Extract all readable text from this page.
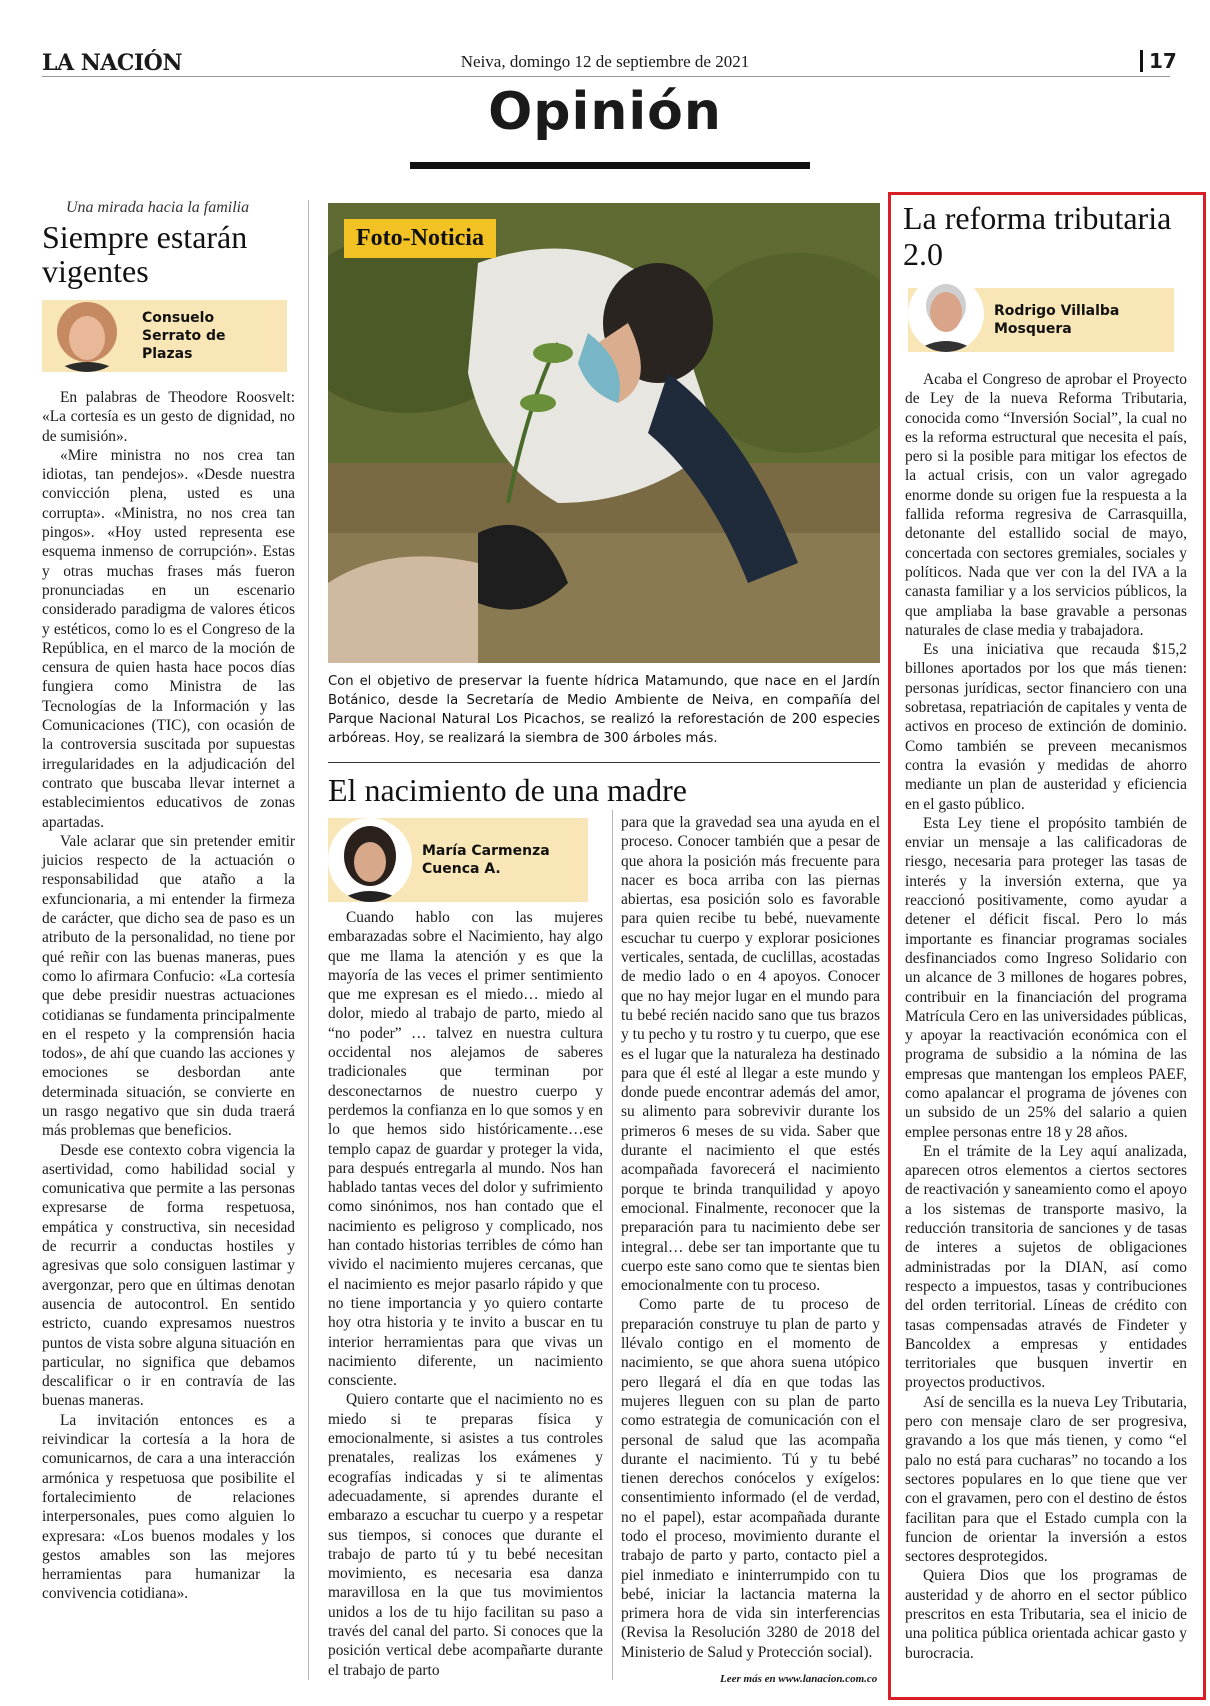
LA NACIÓN	Neiva, domingo 12 de septiembre de 2021	17
Opinión
Una mirada hacia la familia
Siempre estarán vigentes
Consuelo Serrato de Plazas

En palabras de Theodore Roosvelt: «La cortesía es un gesto de dignidad, no de sumisión».

«Mire ministra no nos crea tan idiotas, tan pendejos». «Desde nuestra convicción plena, usted es una corrupta». «Ministra, no nos crea tan pingos». «Hoy usted representa ese esquema inmenso de corrupción». Estas y otras muchas frases más fueron pronunciadas en un escenario considerado paradigma de valores éticos y estéticos, como lo es el Congreso de la República, en el marco de la moción de censura de quien hasta hace pocos días fungiera como Ministra de las Tecnologías de la Información y las Comunicaciones (TIC), con ocasión de la controversia suscitada por supuestas irregularidades en la adjudicación del contrato que buscaba llevar internet a establecimientos educativos de zonas apartadas.

Vale aclarar que sin pretender emitir juicios respecto de la actuación o responsabilidad que ataño a la exfuncionaria, a mi entender la firmeza de carácter, que dicho sea de paso es un atributo de la personalidad, no tiene por qué reñir con las buenas maneras, pues como lo afirmara Confucio: «La cortesía que debe presidir nuestras actuaciones cotidianas se fundamenta principalmente en el respeto y la comprensión hacia todos», de ahí que cuando las acciones y emociones se desbordan ante determinada situación, se convierte en un rasgo negativo que sin duda traerá más problemas que beneficios.

Desde ese contexto cobra vigencia la asertividad, como habilidad social y comunicativa que permite a las personas expresarse de forma respetuosa, empática y constructiva, sin necesidad de recurrir a conductas hostiles y agresivas que solo consiguen lastimar y avergonzar, pero que en últimas denotan ausencia de autocontrol. En sentido estricto, cuando expresamos nuestros puntos de vista sobre alguna situación en particular, no significa que debamos descalificar o ir en contravía de las buenas maneras.

La invitación entonces es a reivindicar la cortesía a la hora de comunicarnos, de cara a una interacción armónica y respetuosa que posibilite el fortalecimiento de relaciones interpersonales, pues como alguien lo expresara: «Los buenos modales y los gestos amables son las mejores herramientas para humanizar la convivencia cotidiana».

Foto-Noticia
Con el objetivo de preservar la fuente hídrica Matamundo, que nace en el Jardín Botánico, desde la Secretaría de Medio Ambiente de Neiva, en compañía del Parque Nacional Natural Los Picachos, se realizó la reforestación de 200 especies arbóreas. Hoy, se realizará la siembra de 300 árboles más.
El nacimiento de una madre
María Carmenza Cuenca A.

Cuando hablo con las mujeres embarazadas sobre el Nacimiento, hay algo que me llama la atención y es que la mayoría de las veces el primer sentimiento que me expresan es el miedo… miedo al dolor, miedo al trabajo de parto, miedo al “no poder” … talvez en nuestra cultura occidental nos alejamos de saberes tradicionales que terminan por desconectarnos de nuestro cuerpo y perdemos la confianza en lo que somos y en lo que hemos sido históricamente…ese templo capaz de guardar y proteger la vida, para después entregarla al mundo. Nos han hablado tantas veces del dolor y sufrimiento como sinónimos, nos han contado que el nacimiento es peligroso y complicado, nos han contado historias terribles de cómo han vivido el nacimiento mujeres cercanas, que el nacimiento es mejor pasarlo rápido y que no tiene importancia y yo quiero contarte hoy otra historia y te invito a buscar en tu interior herramientas para que vivas un nacimiento diferente, un nacimiento consciente.

Quiero contarte que el nacimiento no es miedo si te preparas física y emocionalmente, si asistes a tus controles prenatales, realizas los exámenes y ecografías indicadas y si te alimentas adecuadamente, si aprendes durante el embarazo a escuchar tu cuerpo y a respetar sus tiempos, si conoces que durante el trabajo de parto tú y tu bebé necesitan movimiento, es necesaria esa danza maravillosa en la que tus movimientos unidos a los de tu hijo facilitan su paso a través del canal del parto. Si conoces que la posición vertical debe acompañarte durante el trabajo de parto

para que la gravedad sea una ayuda en el proceso. Conocer también que a pesar de que ahora la posición más frecuente para nacer es boca arriba con las piernas abiertas, esa posición solo es favorable para quien recibe tu bebé, nuevamente escuchar tu cuerpo y explorar posiciones verticales, sentada, de cuclillas, acostadas de medio lado o en 4 apoyos. Conocer que no hay mejor lugar en el mundo para tu bebé recién nacido sano que tus brazos y tu pecho y tu rostro y tu cuerpo, que ese es el lugar que la naturaleza ha destinado para que él esté al llegar a este mundo y donde puede encontrar además del amor, su alimento para sobrevivir durante los primeros 6 meses de su vida. Saber que durante el nacimiento el que estés acompañada favorecerá el nacimiento porque te brinda tranquilidad y apoyo emocional. Finalmente, reconocer que la preparación para tu nacimiento debe ser integral… debe ser tan importante que tu cuerpo este sano como que te sientas bien emocionalmente con tu proceso.

Como parte de tu proceso de preparación construye tu plan de parto y llévalo contigo en el momento de nacimiento, se que ahora suena utópico pero llegará el día en que todas las mujeres lleguen con su plan de parto como estrategia de comunicación con el personal de salud que las acompaña durante el nacimiento. Tú y tu bebé tienen derechos conócelos y exígelos: consentimiento informado (el de verdad, no el papel), estar acompañada durante todo el proceso, movimiento durante el trabajo de parto y parto, contacto piel a piel inmediato e ininterrumpido con tu bebé, iniciar la lactancia materna la primera hora de vida sin interferencias (Revisa la Resolución 3280 de 2018 del Ministerio de Salud y Protección social).

Leer más en www.lanacion.com.co
La reforma tributaria 2.0
Rodrigo Villalba Mosquera

Acaba el Congreso de aprobar el Proyecto de Ley de la nueva Reforma Tributaria, conocida como “Inversión Social”, la cual no es la reforma estructural que necesita el país, pero si la posible para mitigar los efectos de la actual crisis, con un valor agregado enorme donde su origen fue la respuesta a la fallida reforma regresiva de Carrasquilla, detonante del estallido social de mayo, concertada con sectores gremiales, sociales y políticos. Nada que ver con la del IVA a la canasta familiar y a los servicios públicos, la que ampliaba la base gravable a personas naturales de clase media y trabajadora.

Es una iniciativa que recauda $15,2 billones aportados por los que más tienen: personas jurídicas, sector financiero con una sobretasa, repatriación de capitales y venta de activos en proceso de extinción de dominio. Como también se preveen mecanismos contra la evasión y medidas de ahorro mediante un plan de austeridad y eficiencia en el gasto público.

Esta Ley tiene el propósito también de enviar un mensaje a las calificadoras de riesgo, necesaria para proteger las tasas de interés y la inversión externa, que ya reaccionó positivamente, como ayudar a detener el déficit fiscal. Pero lo más importante es financiar programas sociales desfinanciados como Ingreso Solidario con un alcance de 3 millones de hogares pobres, contribuir en la financiación del programa Matrícula Cero en las universidades públicas, y apoyar la reactivación económica con el programa de subsidio a la nómina de las empresas que mantengan los empleos PAEF, como apalancar el programa de jóvenes con un subsido de un 25% del salario a quien emplee personas entre 18 y 28 años.

En el trámite de la Ley aquí analizada, aparecen otros elementos a ciertos sectores de reactivación y saneamiento como el apoyo a los sistemas de transporte masivo, la reducción transitoria de sanciones y de tasas de interes a sujetos de obligaciones administradas por la DIAN, así como respecto a impuestos, tasas y contribuciones del orden territorial. Líneas de crédito con tasas compensadas através de Findeter y Bancoldex a empresas y entidades territoriales que busquen invertir en proyectos productivos.

Así de sencilla es la nueva Ley Tributaria, pero con mensaje claro de ser progresiva, gravando a los que más tienen, y como “el palo no está para cucharas” no tocando a los sectores populares en lo que tiene que ver con el gravamen, pero con el destino de éstos facilitan para que el Estado cumpla con la funcion de orientar la inversión a estos sectores desprotegidos.

Quiera Dios que los programas de austeridad y de ahorro en el sector público prescritos en esta Tributaria, sea el inicio de una politica pública orientada achicar gasto y burocracia.
